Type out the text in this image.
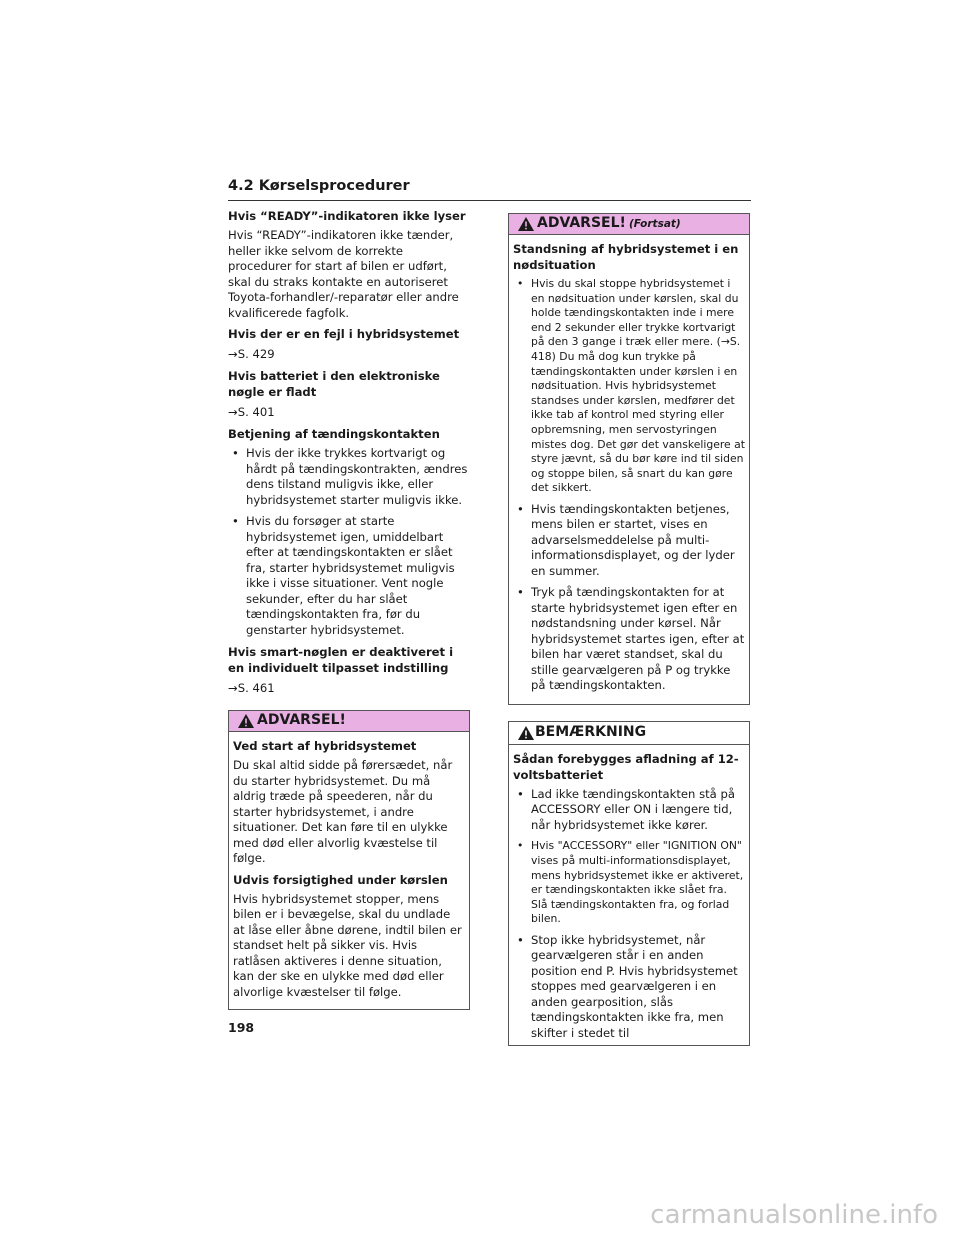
4.2 Kørselsprocedurer
Hvis “READY”-indikatoren ikke lyser
Hvis “READY”-indikatoren ikke tænder, heller ikke selvom de korrekte procedurer for start af bilen er udført, skal du straks kontakte en autoriseret Toyota-forhandler/-reparatør eller andre kvalificerede fagfolk.
Hvis der er en fejl i hybridsystemet
→S. 429
Hvis batteriet i den elektroniske nøgle er fladt
→S. 401
Betjening af tændingskontakten
• Hvis der ikke trykkes kortvarigt og hårdt på tændingskontrakten, ændres dens tilstand muligvis ikke, eller hybridsystemet starter muligvis ikke.
• Hvis du forsøger at starte hybridsystemet igen, umiddelbart efter at tændingskontakten er slået fra, starter hybridsystemet muligvis ikke i visse situationer. Vent nogle sekunder, efter du har slået tændingskontakten fra, før du genstarter hybridsystemet.
Hvis smart-nøglen er deaktiveret i en individuelt tilpasset indstilling
→S. 461
ADVARSEL!
Ved start af hybridsystemet
Du skal altid sidde på førersædet, når du starter hybridsystemet. Du må aldrig træde på speederen, når du starter hybridsystemet, i andre situationer. Det kan føre til en ulykke med død eller alvorlig kvæstelse til følge.
Udvis forsigtighed under kørslen
Hvis hybridsystemet stopper, mens bilen er i bevægelse, skal du undlade at låse eller åbne dørene, indtil bilen er standset helt på sikker vis. Hvis ratlåsen aktiveres i denne situation, kan der ske en ulykke med død eller alvorlige kvæstelser til følge.
ADVARSEL! (Fortsat)
Standsning af hybridsystemet i en nødsituation
• Hvis du skal stoppe hybridsystemet i en nødsituation under kørslen, skal du holde tændingskontakten inde i mere end 2 sekunder eller trykke kortvarigt på den 3 gange i træk eller mere. (→S. 418) Du må dog kun trykke på tændingskontakten under kørslen i en nødsituation. Hvis hybridsystemet standses under kørslen, medfører det ikke tab af kontrol med styring eller opbremsning, men servostyringen mistes dog. Det gør det vanskeligere at styre jævnt, så du bør køre ind til siden og stoppe bilen, så snart du kan gøre det sikkert.
• Hvis tændingskontakten betjenes, mens bilen er startet, vises en advarselsmeddelelse på multi-informationsdisplayet, og der lyder en summer.
• Tryk på tændingskontakten for at starte hybridsystemet igen efter en nødstandsning under kørsel. Når hybridsystemet startes igen, efter at bilen har været standset, skal du stille gearvælgeren på P og trykke på tændingskontakten.
BEMÆRKNING
Sådan forebygges afladning af 12-voltsbatteriet
• Lad ikke tændingskontakten stå på ACCESSORY eller ON i længere tid, når hybridsystemet ikke kører.
• Hvis "ACCESSORY" eller "IGNITION ON" vises på multi-informationsdisplayet, mens hybridsystemet ikke er aktiveret, er tændingskontakten ikke slået fra. Slå tændingskontakten fra, og forlad bilen.
• Stop ikke hybridsystemet, når gearvælgeren står i en anden position end P. Hvis hybridsystemet stoppes med gearvælgeren i en anden gearposition, slås tændingskontakten ikke fra, men skifter i stedet til
198
carmanualsonline.info
